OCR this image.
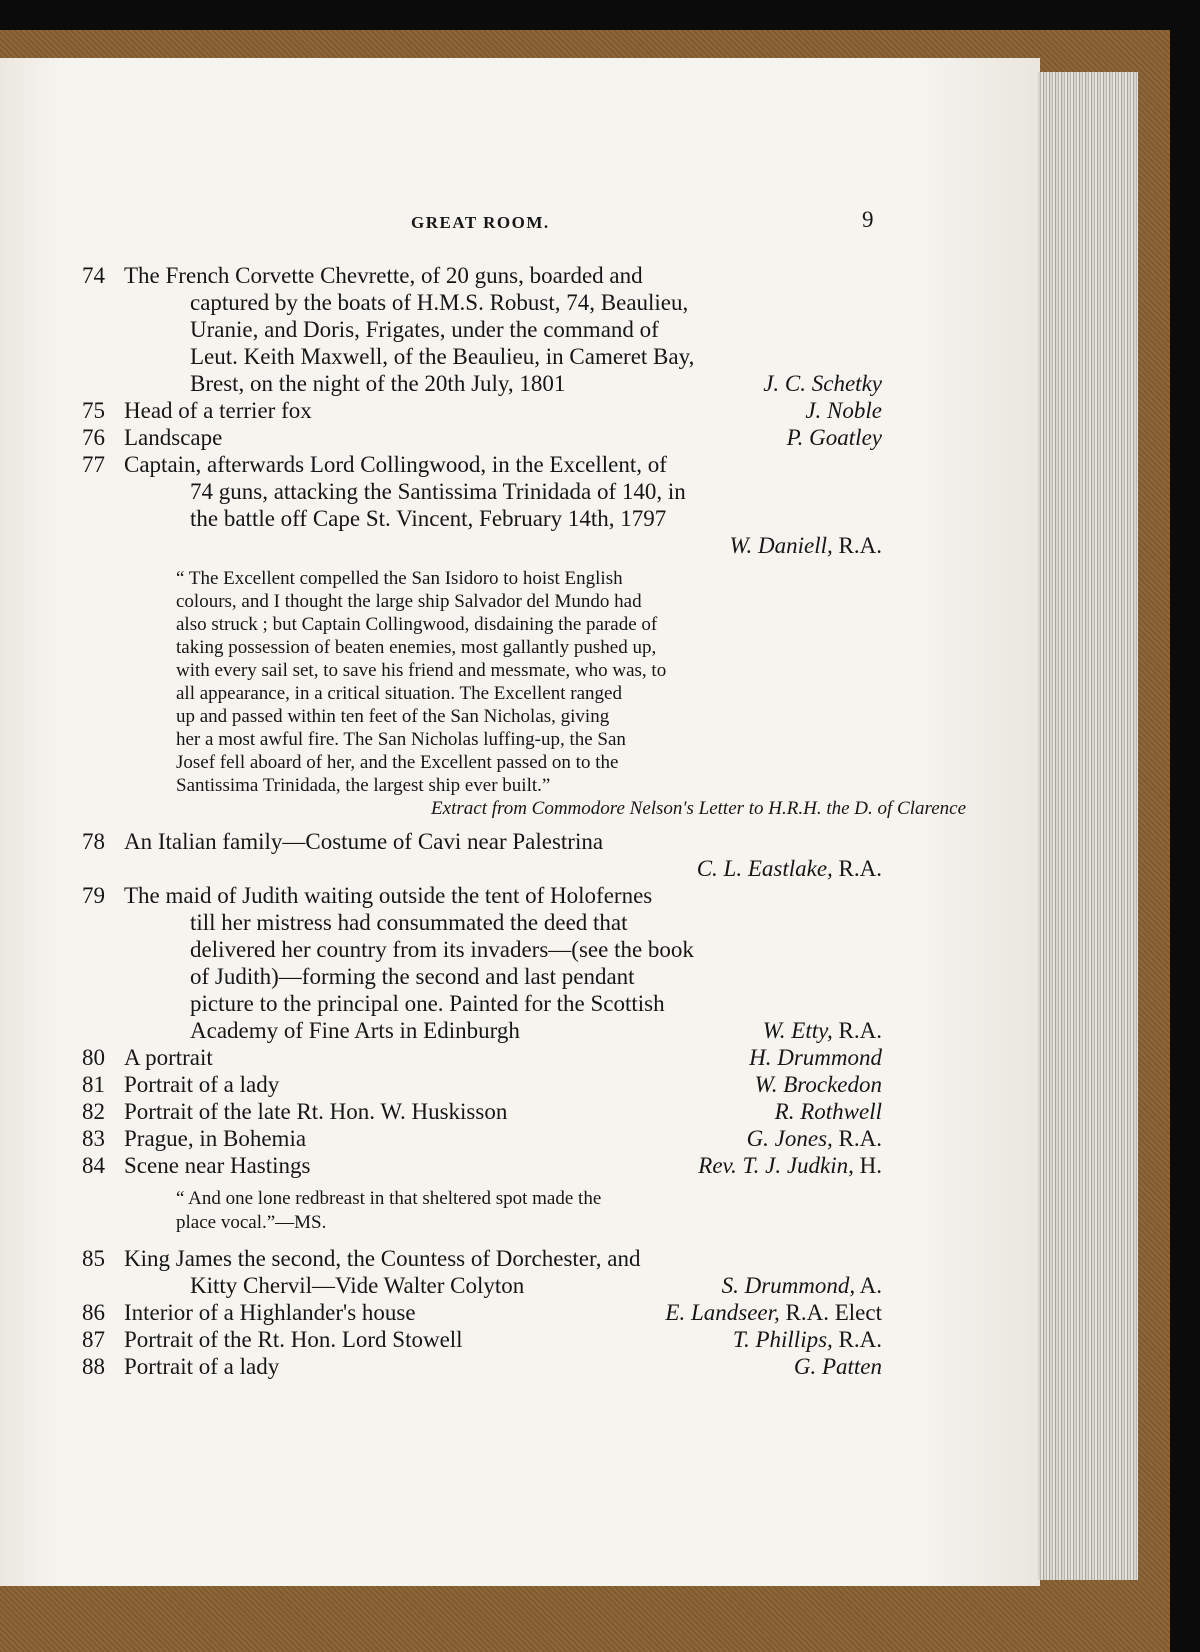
GREAT ROOM.	9
74 The French Corvette Chevrette, of 20 guns, boarded and
captured by the boats of H.M.S. Robust, 74, Beaulieu,
Uranie, and Doris, Frigates, under the command of
Leut. Keith Maxwell, of the Beaulieu, in Cameret Bay,
Brest, on the night of the 20th July, 1801	J. C. Schetky
75 Head of a terrier fox	J. Noble
76 Landscape	P. Goatley
77 Captain, afterwards Lord Collingwood, in the Excellent, of
74 guns, attacking the Santissima Trinidada of 140, in
the battle off Cape St. Vincent, February 14th, 1797
W. Daniell, R.A.
“ The Excellent compelled the San Isidoro to hoist English
colours, and I thought the large ship Salvador del Mundo had
also struck ; but Captain Collingwood, disdaining the parade of
taking possession of beaten enemies, most gallantly pushed up,
with every sail set, to save his friend and messmate, who was, to
all appearance, in a critical situation. The Excellent ranged
up and passed within ten feet of the San Nicholas, giving
her a most awful fire. The San Nicholas luffing-up, the San
Josef fell aboard of her, and the Excellent passed on to the
Santissima Trinidada, the largest ship ever built.”
Extract from Commodore Nelson's Letter to H.R.H. the D. of Clarence
78 An Italian family—Costume of Cavi near Palestrina
C. L. Eastlake, R.A.
79 The maid of Judith waiting outside the tent of Holofernes
till her mistress had consummated the deed that
delivered her country from its invaders—(see the book
of Judith)—forming the second and last pendant
picture to the principal one. Painted for the Scottish
Academy of Fine Arts in Edinburgh	W. Etty, R.A.
80 A portrait	H. Drummond
81 Portrait of a lady	W. Brockedon
82 Portrait of the late Rt. Hon. W. Huskisson	R. Rothwell
83 Prague, in Bohemia	G. Jones, R.A.
84 Scene near Hastings	Rev. T. J. Judkin, H.
“ And one lone redbreast in that sheltered spot made the
place vocal.”—MS.
85 King James the second, the Countess of Dorchester, and
Kitty Chervil—Vide Walter Colyton	S. Drummond, A.
86 Interior of a Highlander's house	E. Landseer, R.A. Elect
87 Portrait of the Rt. Hon. Lord Stowell	T. Phillips, R.A.
88 Portrait of a lady	G. Patten
